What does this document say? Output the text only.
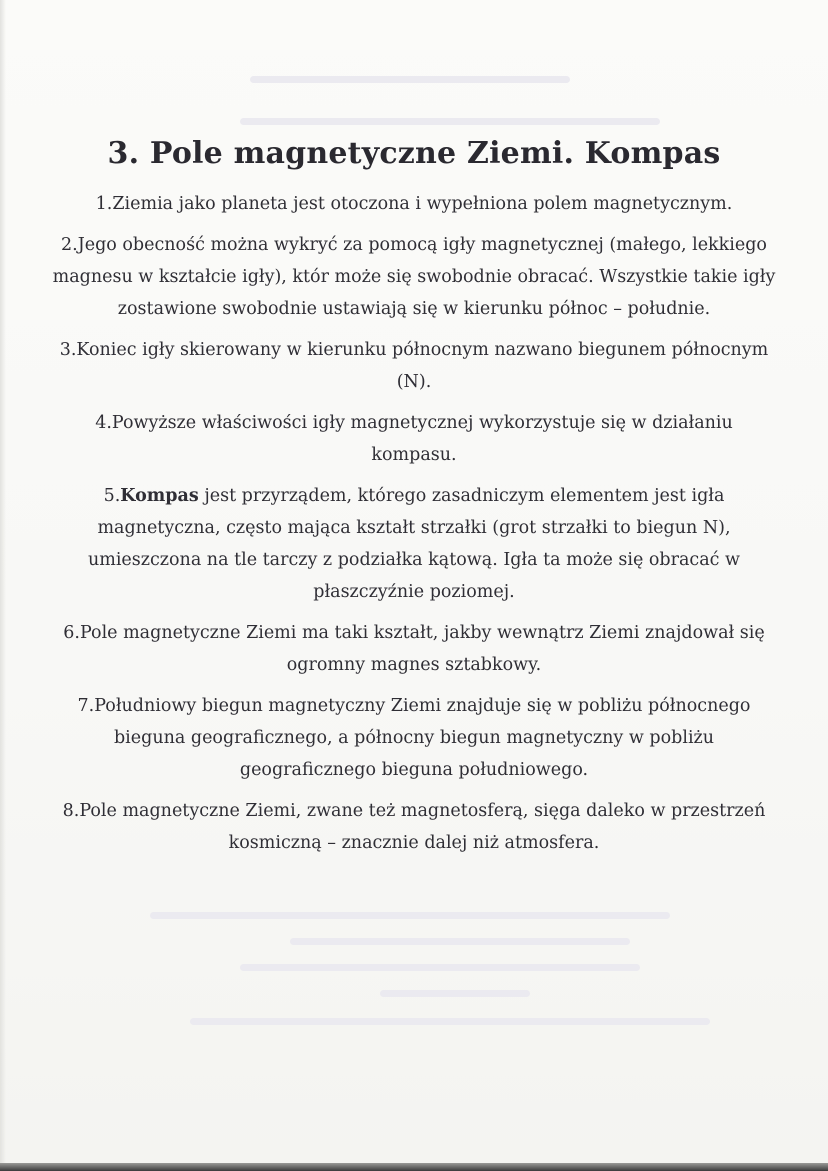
3. Pole magnetyczne Ziemi. Kompas

1.Ziemia jako planeta jest otoczona i wypełniona polem magnetycznym.

2.Jego obecność można wykryć za pomocą igły magnetycznej (małego, lekkiego magnesu w kształcie igły), któr może się swobodnie obracać. Wszystkie takie igły zostawione swobodnie ustawiają się w kierunku północ – południe.

3.Koniec igły skierowany w kierunku północnym nazwano biegunem północnym (N).

4.Powyższe właściwości igły magnetycznej wykorzystuje się w działaniu kompasu.

5.Kompas jest przyrządem, którego zasadniczym elementem jest igła magnetyczna, często mająca kształt strzałki (grot strzałki to biegun N), umieszczona na tle tarczy z podziałka kątową. Igła ta może się obracać w płaszczyźnie poziomej.

6.Pole magnetyczne Ziemi ma taki kształt, jakby wewnątrz Ziemi znajdował się ogromny magnes sztabkowy.

7.Południowy biegun magnetyczny Ziemi znajduje się w pobliżu północnego bieguna geograficznego, a północny biegun magnetyczny w pobliżu geograficznego bieguna południowego.

8.Pole magnetyczne Ziemi, zwane też magnetosferą, sięga daleko w przestrzeń kosmiczną – znacznie dalej niż atmosfera.
